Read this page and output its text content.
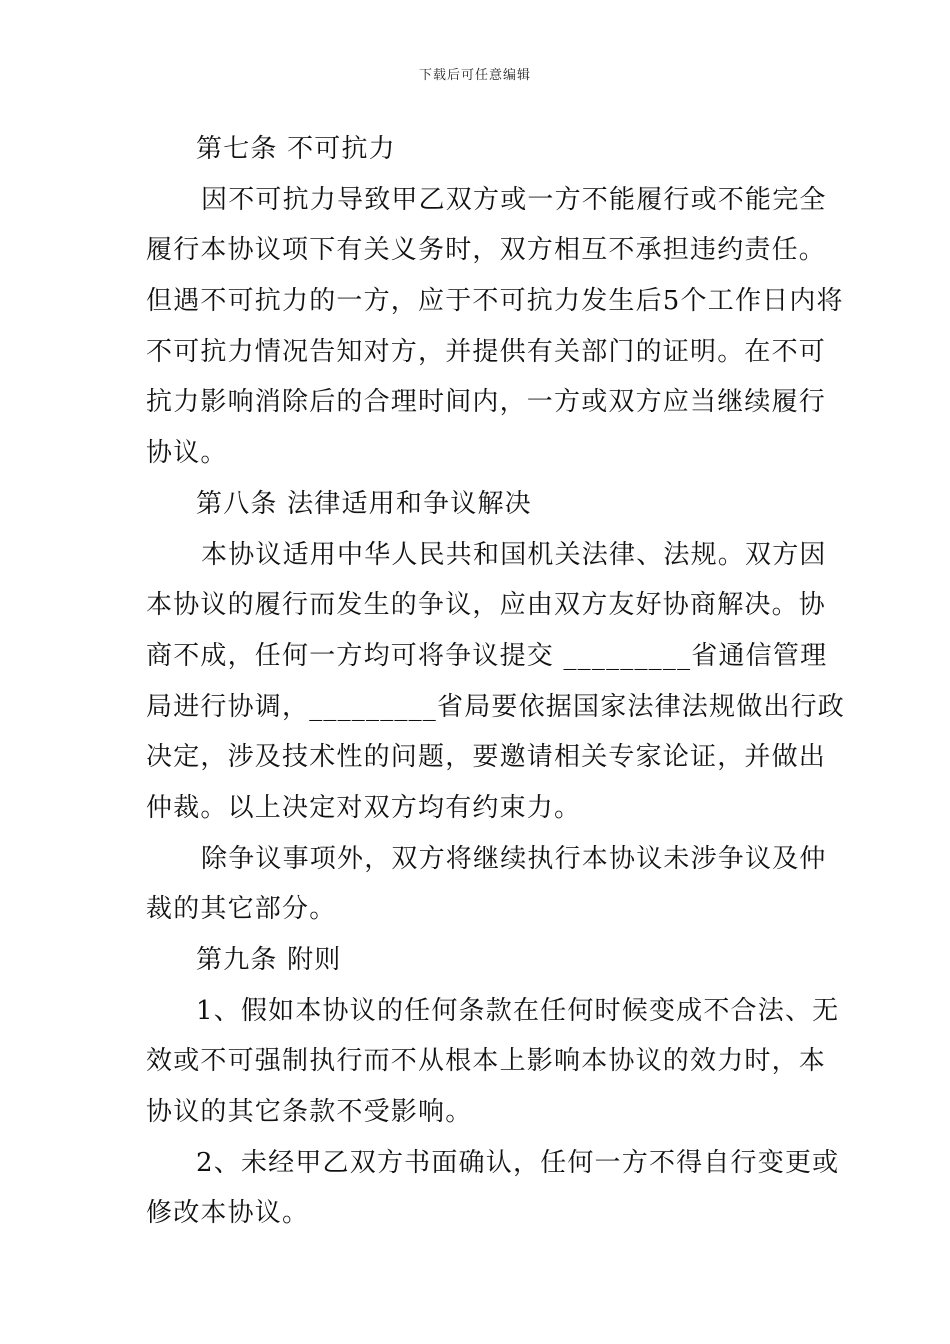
下载后可任意编辑
第七条 不可抗力
因不可抗力导致甲乙双方或一方不能履行或不能完全
履行本协议项下有关义务时，双方相互不承担违约责任。
但遇不可抗力的一方，应于不可抗力发生后5个工作日内将
不可抗力情况告知对方，并提供有关部门的证明。在不可
抗力影响消除后的合理时间内，一方或双方应当继续履行
协议。
第八条 法律适用和争议解决
本协议适用中华人民共和国机关法律、法规。双方因
本协议的履行而发生的争议，应由双方友好协商解决。协
商不成，任何一方均可将争议提交 _________省通信管理
局进行协调，_________省局要依据国家法律法规做出行政
决定，涉及技术性的问题，要邀请相关专家论证，并做出
仲裁。以上决定对双方均有约束力。
除争议事项外，双方将继续执行本协议未涉争议及仲
裁的其它部分。
第九条 附则
1、假如本协议的任何条款在任何时候变成不合法、无
效或不可强制执行而不从根本上影响本协议的效力时，本
协议的其它条款不受影响。
2、未经甲乙双方书面确认，任何一方不得自行变更或
修改本协议。
